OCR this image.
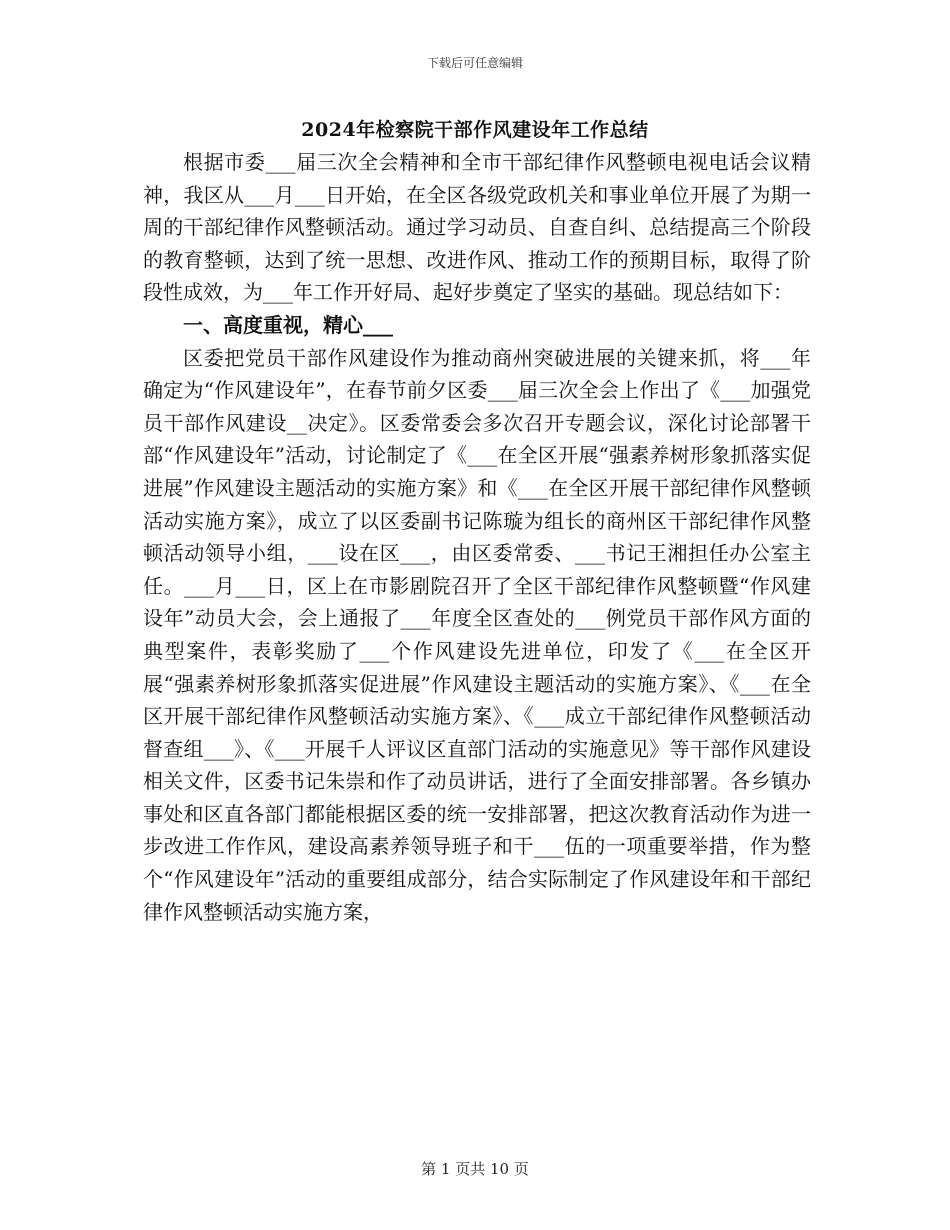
下载后可任意编辑
2024年检察院干部作风建设年工作总结

根据市委___届三次全会精神和全市干部纪律作风整顿电视电话会议精神，我区从___月___日开始，在全区各级党政机关和事业单位开展了为期一周的干部纪律作风整顿活动。通过学习动员、自查自纠、总结提高三个阶段的教育整顿，达到了统一思想、改进作风、推动工作的预期目标，取得了阶段性成效，为___年工作开好局、起好步奠定了坚实的基础。现总结如下：

一、高度重视，精心___

区委把党员干部作风建设作为推动商州突破进展的关键来抓，将___年确定为“作风建设年”，在春节前夕区委___届三次全会上作出了《___加强党员干部作风建设__决定》。区委常委会多次召开专题会议，深化讨论部署干部“作风建设年”活动，讨论制定了《___在全区开展“强素养树形象抓落实促进展”作风建设主题活动的实施方案》和《___在全区开展干部纪律作风整顿活动实施方案》，成立了以区委副书记陈璇为组长的商州区干部纪律作风整顿活动领导小组，___设在区___，由区委常委、___书记王湘担任办公室主任。___月___日，区上在市影剧院召开了全区干部纪律作风整顿暨“作风建设年”动员大会，会上通报了___年度全区查处的___例党员干部作风方面的典型案件，表彰奖励了___个作风建设先进单位，印发了《___在全区开展“强素养树形象抓落实促进展”作风建设主题活动的实施方案》、《___在全区开展干部纪律作风整顿活动实施方案》、《___成立干部纪律作风整顿活动督查组___》、《___开展千人评议区直部门活动的实施意见》等干部作风建设相关文件，区委书记朱崇和作了动员讲话，进行了全面安排部署。各乡镇办事处和区直各部门都能根据区委的统一安排部署，把这次教育活动作为进一步改进工作作风，建设高素养领导班子和干___伍的一项重要举措，作为整个“作风建设年”活动的重要组成部分，结合实际制定了作风建设年和干部纪律作风整顿活动实施方案，

第 1 页共 10 页
